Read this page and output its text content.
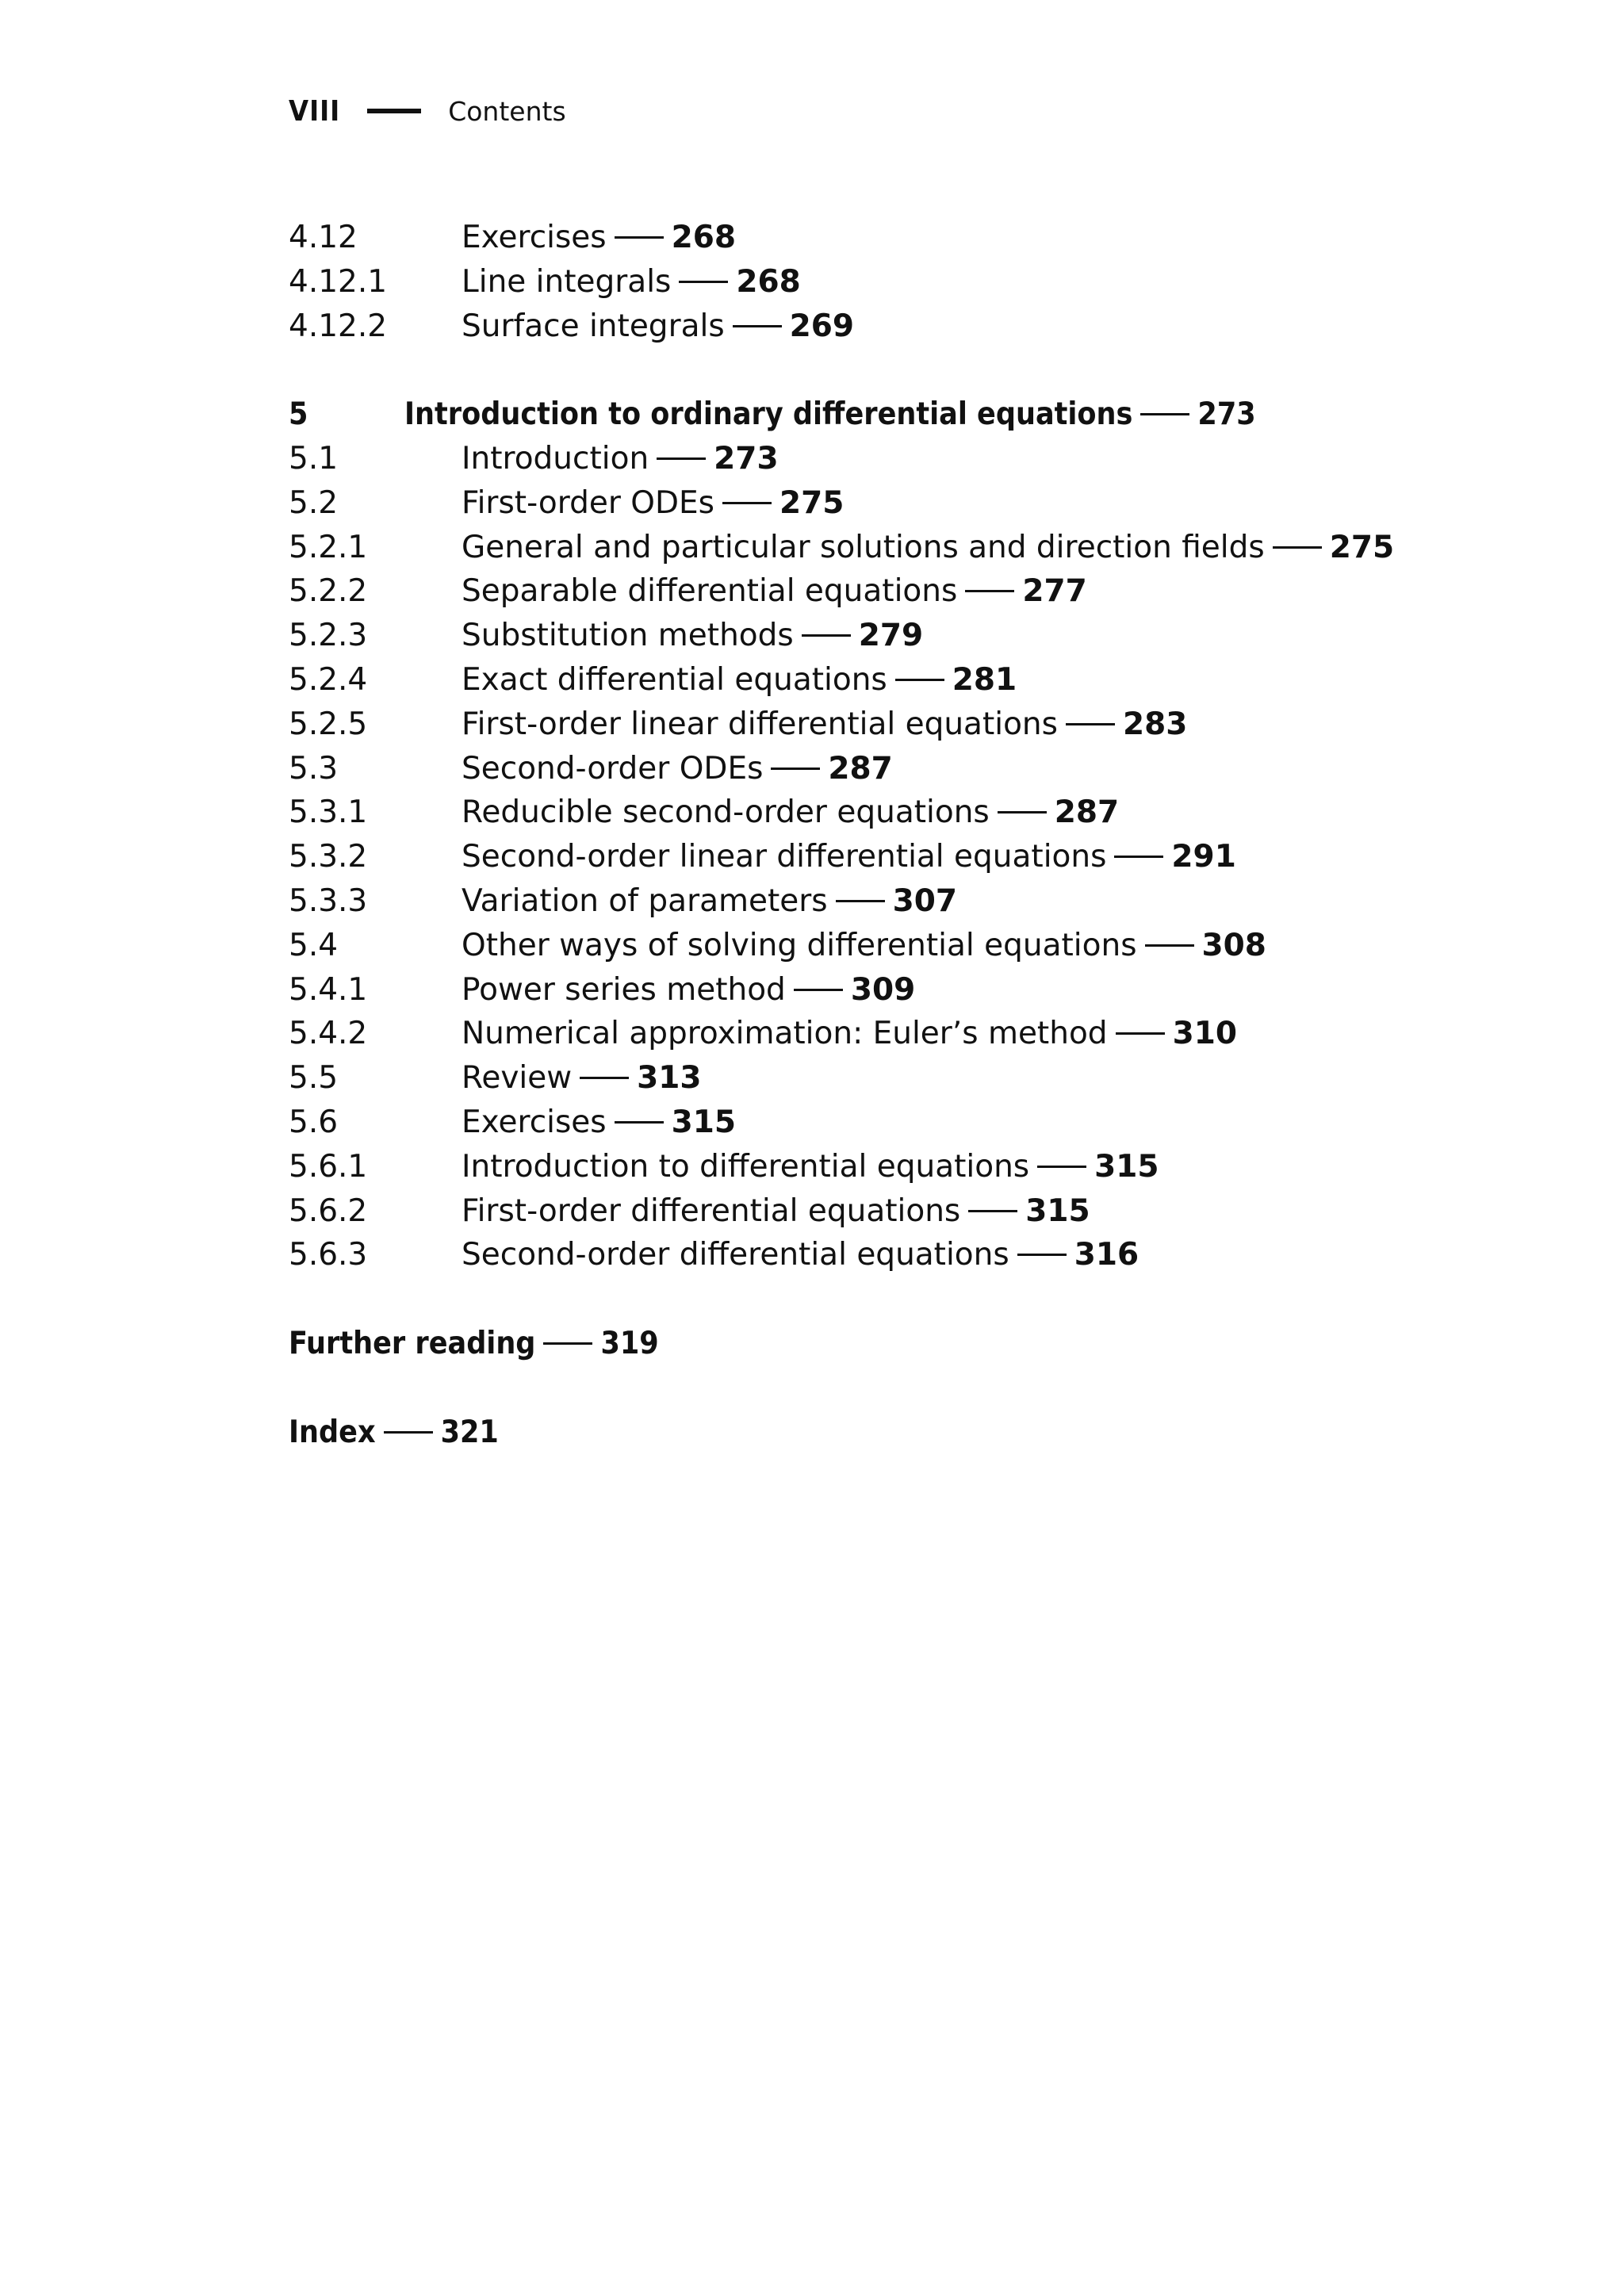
VIII	Contents
4.12	Exercises 268
4.12.1 Line integrals 268
4.12.2 Surface integrals 269
5	Introduction to ordinary differential equations 273
5.1	Introduction 273
5.2	First-order ODEs 275
5.2.1	General and particular solutions and direction fields 275
5.2.2	Separable differential equations 277
5.2.3	Substitution methods 279
5.2.4	Exact differential equations 281
5.2.5	First-order linear differential equations 283
5.3	Second-order ODEs 287
5.3.1	Reducible second-order equations 287
5.3.2	Second-order linear differential equations 291
5.3.3	Variation of parameters 307
5.4	Other ways of solving differential equations 308
5.4.1	Power series method 309
5.4.2	Numerical approximation: Euler’s method 310
5.5	Review 313
5.6	Exercises 315
5.6.1	Introduction to differential equations 315
5.6.2	First-order differential equations 315
5.6.3	Second-order differential equations 316
Further reading 319
Index 321
